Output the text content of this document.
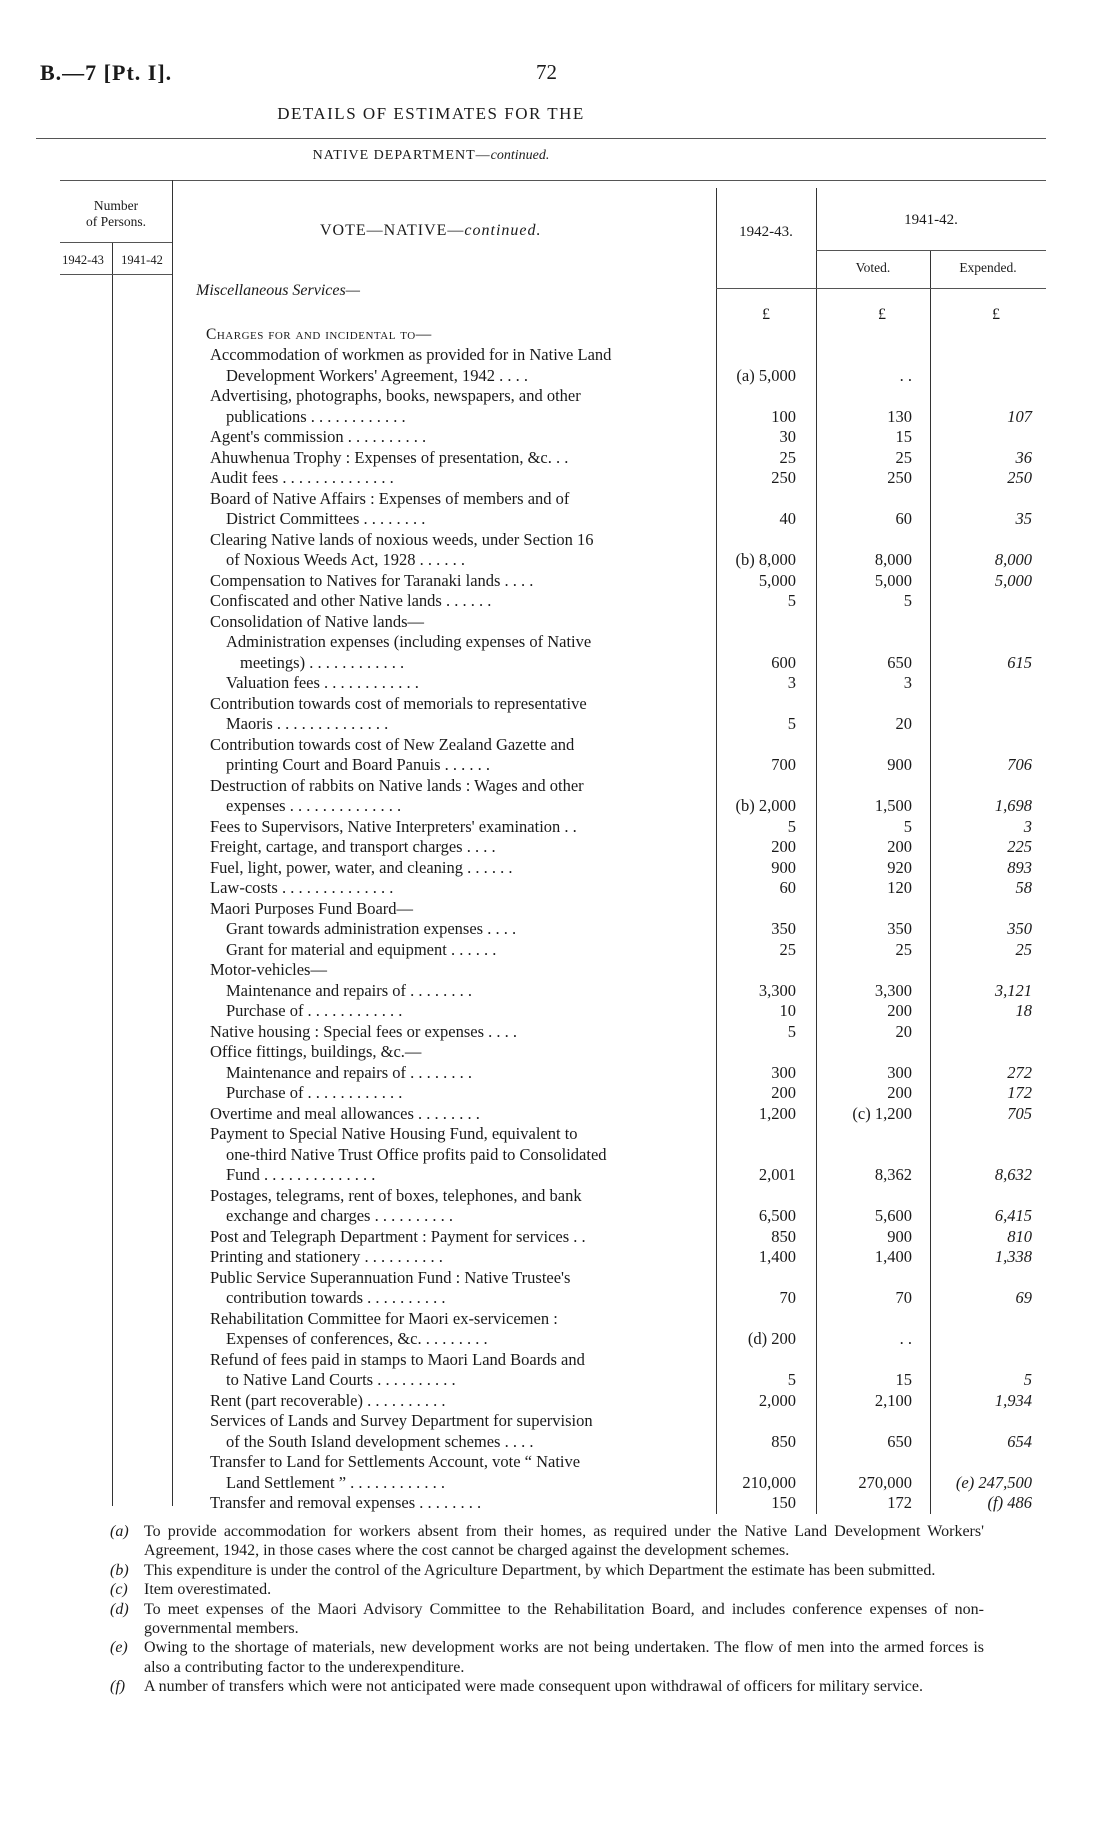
B.—7 [Pt. I].	72
DETAILS OF ESTIMATES FOR THE
NATIVE DEPARTMENT—continued.
Number
of Persons.
1942-43	1941-42
VOTE—NATIVE—continued.	1942-43.
1941-42.
Voted.	Expended.
Miscellaneous Services—
£	£	£
Charges for and incidental to—
Accommodation of workmen as provided for in Native Land
Development Workers' Agreement, 1942 . . . .	(a) 5,000	. .
Advertising, photographs, books, newspapers, and other
publications . . . . . . . . . . . .	100	130	107
Agent's commission . . . . . . . . . .	30	15
Ahuwhenua Trophy : Expenses of presentation, &c. . .	25	25	36
Audit fees . . . . . . . . . . . . . .	250	250	250
Board of Native Affairs : Expenses of members and of
District Committees . . . . . . . .	40	60	35
Clearing Native lands of noxious weeds, under Section 16
of Noxious Weeds Act, 1928 . . . . . .	(b) 8,000	8,000	8,000
Compensation to Natives for Taranaki lands . . . .	5,000	5,000	5,000
Confiscated and other Native lands . . . . . .	5	5
Consolidation of Native lands—
Administration expenses (including expenses of Native
meetings) . . . . . . . . . . . .	600	650	615
Valuation fees . . . . . . . . . . . .	3	3
Contribution towards cost of memorials to representative
Maoris . . . . . . . . . . . . . .	5	20
Contribution towards cost of New Zealand Gazette and
printing Court and Board Panuis . . . . . .	700	900	706
Destruction of rabbits on Native lands : Wages and other
expenses . . . . . . . . . . . . . .	(b) 2,000	1,500	1,698
Fees to Supervisors, Native Interpreters' examination . .	5	5	3
Freight, cartage, and transport charges . . . .	200	200	225
Fuel, light, power, water, and cleaning . . . . . .	900	920	893
Law-costs . . . . . . . . . . . . . .	60	120	58
Maori Purposes Fund Board—
Grant towards administration expenses . . . .	350	350	350
Grant for material and equipment . . . . . .	25	25	25
Motor-vehicles—
Maintenance and repairs of . . . . . . . .	3,300	3,300	3,121
Purchase of . . . . . . . . . . . .	10	200	18
Native housing : Special fees or expenses . . . .	5	20
Office fittings, buildings, &c.—
Maintenance and repairs of . . . . . . . .	300	300	272
Purchase of . . . . . . . . . . . .	200	200	172
Overtime and meal allowances . . . . . . . .	1,200	(c) 1,200	705
Payment to Special Native Housing Fund, equivalent to
one-third Native Trust Office profits paid to Consolidated
Fund . . . . . . . . . . . . . .	2,001	8,362	8,632
Postages, telegrams, rent of boxes, telephones, and bank
exchange and charges . . . . . . . . . .	6,500	5,600	6,415
Post and Telegraph Department : Payment for services . .	850	900	810
Printing and stationery . . . . . . . . . .	1,400	1,400	1,338
Public Service Superannuation Fund : Native Trustee's
contribution towards . . . . . . . . . .	70	70	69
Rehabilitation Committee for Maori ex-servicemen :
Expenses of conferences, &c. . . . . . . . .	(d) 200	. .
Refund of fees paid in stamps to Maori Land Boards and
to Native Land Courts . . . . . . . . . .	5	15	5
Rent (part recoverable) . . . . . . . . . .	2,000	2,100	1,934
Services of Lands and Survey Department for supervision
of the South Island development schemes . . . .	850	650	654
Transfer to Land for Settlements Account, vote “ Native
Land Settlement ” . . . . . . . . . . . .	210,000	270,000	(e) 247,500
Transfer and removal expenses . . . . . . . .	150	172	(f) 486
(a) To provide accommodation for workers absent from their homes, as required under the Native Land Development Workers' Agreement, 1942, in those cases where the cost cannot be charged against the development schemes.
(b) This expenditure is under the control of the Agriculture Department, by which Department the estimate has been submitted.
(c) Item overestimated.
(d) To meet expenses of the Maori Advisory Committee to the Rehabilitation Board, and includes conference expenses of non-governmental members.
(e) Owing to the shortage of materials, new development works are not being undertaken. The flow of men into the armed forces is also a contributing factor to the underexpenditure.
(f) A number of transfers which were not anticipated were made consequent upon withdrawal of officers for military service.
